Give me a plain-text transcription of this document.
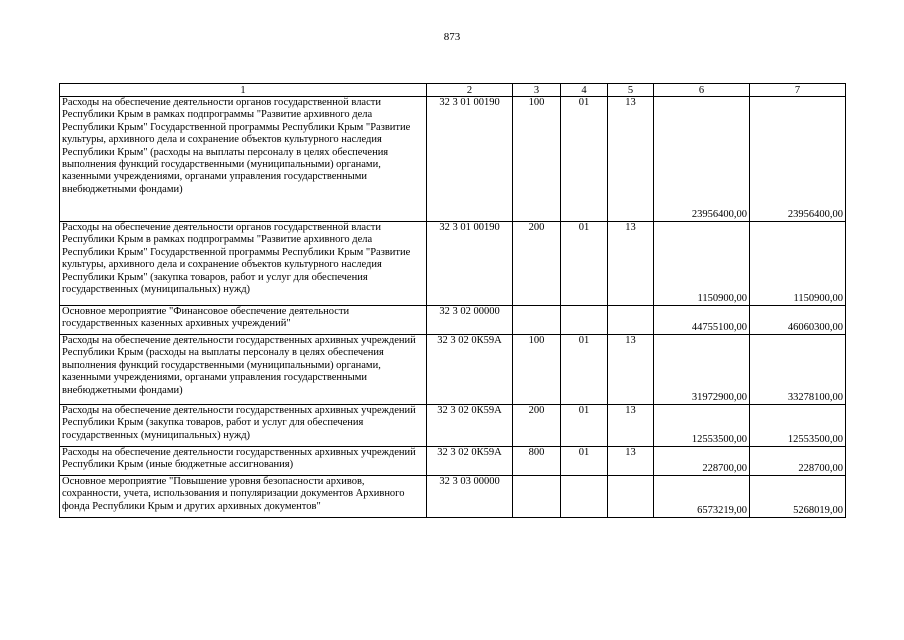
873
1	2	3	4	5	6	7
Расходы на обеспечение деятельности органов государственной власти Республики Крым в рамках подпрограммы "Развитие архивного дела Республики Крым" Государственной программы Республики Крым "Развитие культуры, архивного дела и сохранение объектов культурного наследия Республики Крым" (расходы на выплаты персоналу в целях обеспечения выполнения функций государственными (муниципальными) органами, казенными учреждениями, органами управления государственными внебюджетными фондами)	32 3 01 00190	100	01	13	23956400,00	23956400,00
Расходы на обеспечение деятельности органов государственной власти Республики Крым в рамках подпрограммы "Развитие архивного дела Республики Крым" Государственной программы Республики Крым "Развитие культуры, архивного дела и сохранение объектов культурного наследия Республики Крым" (закупка товаров, работ и услуг для обеспечения государственных (муниципальных) нужд)	32 3 01 00190	200	01	13	1150900,00	1150900,00
Основное мероприятие "Финансовое обеспечение деятельности государственных казенных архивных учреждений"	32 3 02 00000				44755100,00	46060300,00
Расходы на обеспечение деятельности государственных архивных учреждений Республики Крым (расходы на выплаты персоналу в целях обеспечения выполнения функций государственными (муниципальными) органами, казенными учреждениями, органами управления государственными внебюджетными фондами)	32 3 02 0К59А	100	01	13	31972900,00	33278100,00
Расходы на обеспечение деятельности государственных архивных учреждений Республики Крым (закупка товаров, работ и услуг для обеспечения государственных (муниципальных) нужд)	32 3 02 0К59А	200	01	13	12553500,00	12553500,00
Расходы на обеспечение деятельности государственных архивных учреждений Республики Крым (иные бюджетные ассигнования)	32 3 02 0К59А	800	01	13	228700,00	228700,00
Основное мероприятие "Повышение уровня безопасности архивов, сохранности, учета, использования и популяризации документов Архивного фонда Республики Крым и других архивных документов"	32 3 03 00000				6573219,00	5268019,00
